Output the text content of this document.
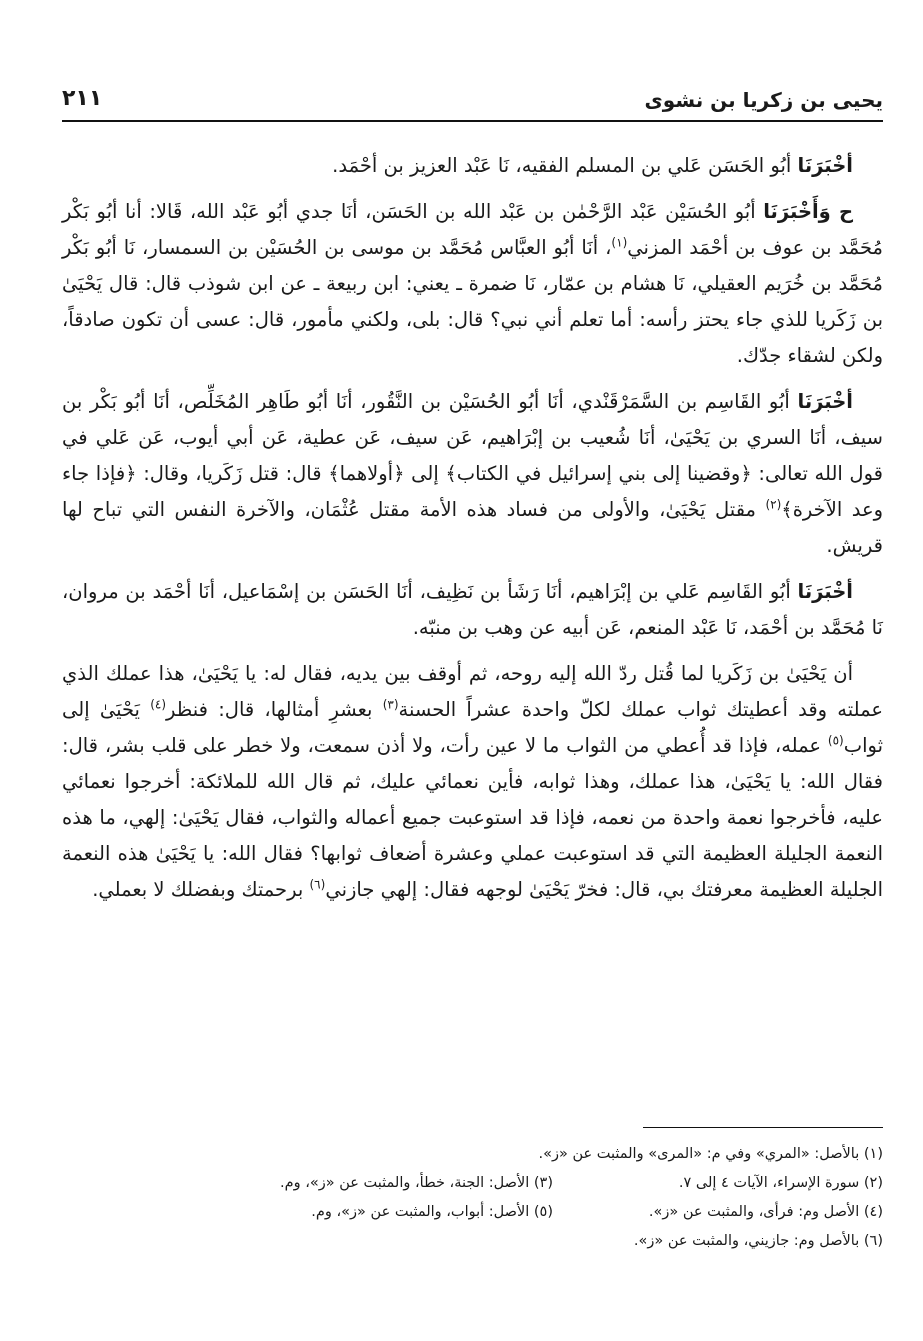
يحيى بن زكريا بن نشوى
٢١١

أخْبَرَنَا أبُو الحَسَن عَلي بن المسلم الفقيه، نَا عَبْد العزيز بن أحْمَد.

ح وَأَخْبَرَنَا أبُو الحُسَيْن عَبْد الرَّحْمٰن بن عَبْد الله بن الحَسَن، أنَا جدي أبُو عَبْد الله، قَالا: أنا أبُو بَكْر مُحَمَّد بن عوف بن أحْمَد المزني$^{(١)}$، أنَا أبُو العبَّاس مُحَمَّد بن موسى بن الحُسَيْن بن السمسار، نَا أبُو بَكْر مُحَمَّد بن خُرَيم العقيلي، نَا هشام بن عمّار، نَا ضمرة ـ يعني: ابن ربيعة ـ عن ابن شوذب قال: قال يَحْيَىٰ بن زَكَريا للذي جاء يحتز رأسه: أما تعلم أني نبي؟ قال: بلى، ولكني مأمور، قال: عسى أن تكون صادقاً، ولكن لشقاء جدّك.

أخْبَرَنَا أبُو القَاسِم بن السَّمَرْقَنْدي، أنَا أبُو الحُسَيْن بن النَّقُور، أنَا أبُو طَاهِر المُخَلِّص، أنَا أبُو بَكْر بن سيف، أنَا السري بن يَحْيَىٰ، أنَا شُعيب بن إبْرَاهيم، عَن سيف، عَن عطية، عَن أبي أيوب، عَن عَلي في قول الله تعالى: ﴿وقضينا إلى بني إسرائيل في الكتاب﴾ إلى ﴿أولاهما﴾ قال: قتل زَكَريا، وقال: ﴿فإذا جاء وعد الآخرة﴾$^{(٢)}$ مقتل يَحْيَىٰ، والأولى من فساد هذه الأمة مقتل عُثْمَان، والآخرة النفس التي تباح لها قريش.

أخْبَرَنَا أبُو القَاسِم عَلي بن إبْرَاهيم، أنَا رَشَأ بن نَظِيف، أنَا الحَسَن بن إسْمَاعيل، أنَا أحْمَد بن مروان، نَا مُحَمَّد بن أحْمَد، نَا عَبْد المنعم، عَن أبيه عن وهب بن منبّه.

أن يَحْيَىٰ بن زَكَريا لما قُتل ردّ الله إليه روحه، ثم أوقف بين يديه، فقال له: يا يَحْيَىٰ، هذا عملك الذي عملته وقد أعطيتك ثواب عملك لكلّ واحدة عشراً الحسنة$^{(٣)}$ بعشرِ أمثالها، قال: فنظر$^{(٤)}$ يَحْيَىٰ إلى ثواب$^{(٥)}$ عمله، فإذا قد أُعطي من الثواب ما لا عين رأت، ولا أذن سمعت، ولا خطر على قلب بشر، قال: فقال الله: يا يَحْيَىٰ، هذا عملك، وهذا ثوابه، فأين نعمائي عليك، ثم قال الله للملائكة: أخرجوا نعمائي عليه، فأخرجوا نعمة واحدة من نعمه، فإذا قد استوعبت جميع أعماله والثواب، فقال يَحْيَىٰ: إلهي، ما هذه النعمة الجليلة العظيمة التي قد استوعبت عملي وعشرة أضعاف ثوابها؟ فقال الله: يا يَحْيَىٰ هذه النعمة الجليلة العظيمة معرفتك بي، قال: فخرّ يَحْيَىٰ لوجهه فقال: إلهي جازني$^{(٦)}$ برحمتك وبفضلك لا بعملي.

(١) بالأصل: «المري» وفي م: «المرى» والمثبت عن «ز».
(٢) سورة الإسراء، الآيات ٤ إلى ٧.
(٣) الأصل: الجنة، خطأ، والمثبت عن «ز»، وم.
(٤) الأصل وم: فرأى، والمثبت عن «ز».
(٥) الأصل: أبواب، والمثبت عن «ز»، وم.
(٦) بالأصل وم: جازيني، والمثبت عن «ز».
